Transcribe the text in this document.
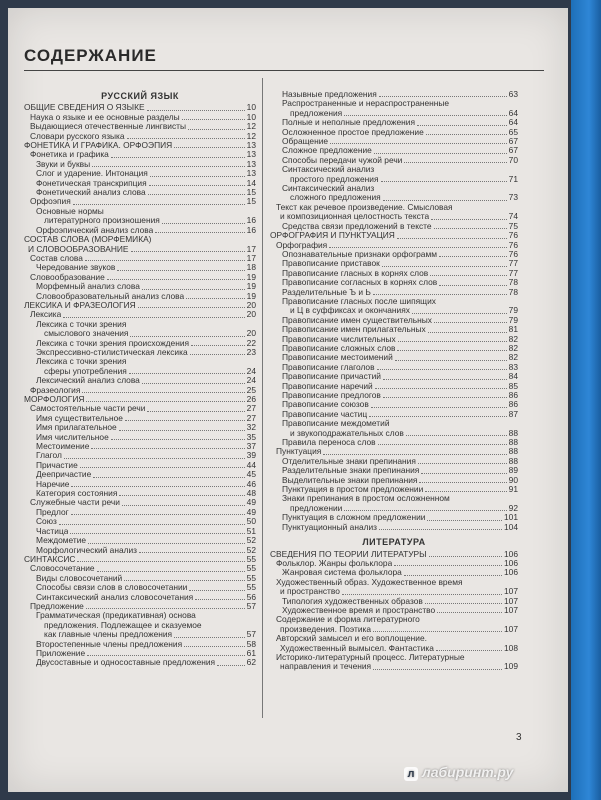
СОДЕРЖАНИЕ
РУССКИЙ ЯЗЫК
ОБЩИЕ СВЕДЕНИЯ О ЯЗЫКЕ	10
Наука о языке и ее основные разделы	10
Выдающиеся отечественные лингвисты	12
Словари русского языка	12
ФОНЕТИКА И ГРАФИКА. ОРФОЭПИЯ	13
Фонетика и графика	13
Звуки и буквы	13
Слог и ударение. Интонация	13
Фонетическая транскрипция	14
Фонетический анализ слова	15
Орфоэпия	15
Основные нормы
литературного произношения	16
Орфоэпический анализ слова	16
СОСТАВ СЛОВА (МОРФЕМИКА)
И СЛОВООБРАЗОВАНИЕ	17
Состав слова	17
Чередование звуков	18
Словообразование	19
Морфемный анализ слова	19
Словообразовательный анализ слова	19
ЛЕКСИКА И ФРАЗЕОЛОГИЯ	20
Лексика	20
Лексика с точки зрения
смыслового значения	20
Лексика с точки зрения происхождения	22
Экспрессивно-стилистическая лексика	23
Лексика с точки зрения
сферы употребления	24
Лексический анализ слова	24
Фразеология	25
МОРФОЛОГИЯ	26
Самостоятельные части речи	27
Имя существительное	27
Имя прилагательное	32
Имя числительное	35
Местоимение	37
Глагол	39
Причастие	44
Деепричастие	45
Наречие	46
Категория состояния	48
Служебные части речи	49
Предлог	49
Союз	50
Частица	51
Междометие	52
Морфологический анализ	52
СИНТАКСИС	55
Словосочетание	55
Виды словосочетаний	55
Способы связи слов в словосочетании	55
Синтаксический анализ словосочетания	56
Предложение	57
Грамматическая (предикативная) основа
предложения. Подлежащее и сказуемое
как главные члены предложения	57
Второстепенные члены предложения	58
Приложение	61
Двусоставные и односоставные предложения	62
Назывные предложения	63
Распространенные и нераспространенные
предложения	64
Полные и неполные предложения	64
Осложненное простое предложение	65
Обращение	67
Сложное предложение	67
Способы передачи чужой речи	70
Синтаксический анализ
простого предложения	71
Синтаксический анализ
сложного предложения	73
Текст как речевое произведение. Смысловая
и композиционная целостность текста	74
Средства связи предложений в тексте	75
ОРФОГРАФИЯ И ПУНКТУАЦИЯ	76
Орфография	76
Опознавательные признаки орфограмм	76
Правописание приставок	77
Правописание гласных в корнях слов	77
Правописание согласных в корнях слов	78
Разделительные Ъ и Ь	78
Правописание гласных после шипящих
и Ц в суффиксах и окончаниях	79
Правописание имен существительных	79
Правописание имен прилагательных	81
Правописание числительных	82
Правописание сложных слов	82
Правописание местоимений	82
Правописание глаголов	83
Правописание причастий	84
Правописание наречий	85
Правописание предлогов	86
Правописание союзов	86
Правописание частиц	87
Правописание междометий
и звукоподражательных слов	88
Правила переноса слов	88
Пунктуация	88
Отделительные знаки препинания	88
Разделительные знаки препинания	89
Выделительные знаки препинания	90
Пунктуация в простом предложении	91
Знаки препинания в простом осложненном
предложении	92
Пунктуация в сложном предложении	101
Пунктуационный анализ	104
ЛИТЕРАТУРА
СВЕДЕНИЯ ПО ТЕОРИИ ЛИТЕРАТУРЫ	106
Фольклор. Жанры фольклора	106
Жанровая система фольклора	106
Художественный образ. Художественное время
и пространство	107
Типология художественных образов	107
Художественное время и пространство	107
Содержание и форма литературного
произведения. Поэтика	107
Авторский замысел и его воплощение.
Художественный вымысел. Фантастика	108
Историко-литературный процесс. Литературные
направления и течения	109
3
л лабиринт.ру
